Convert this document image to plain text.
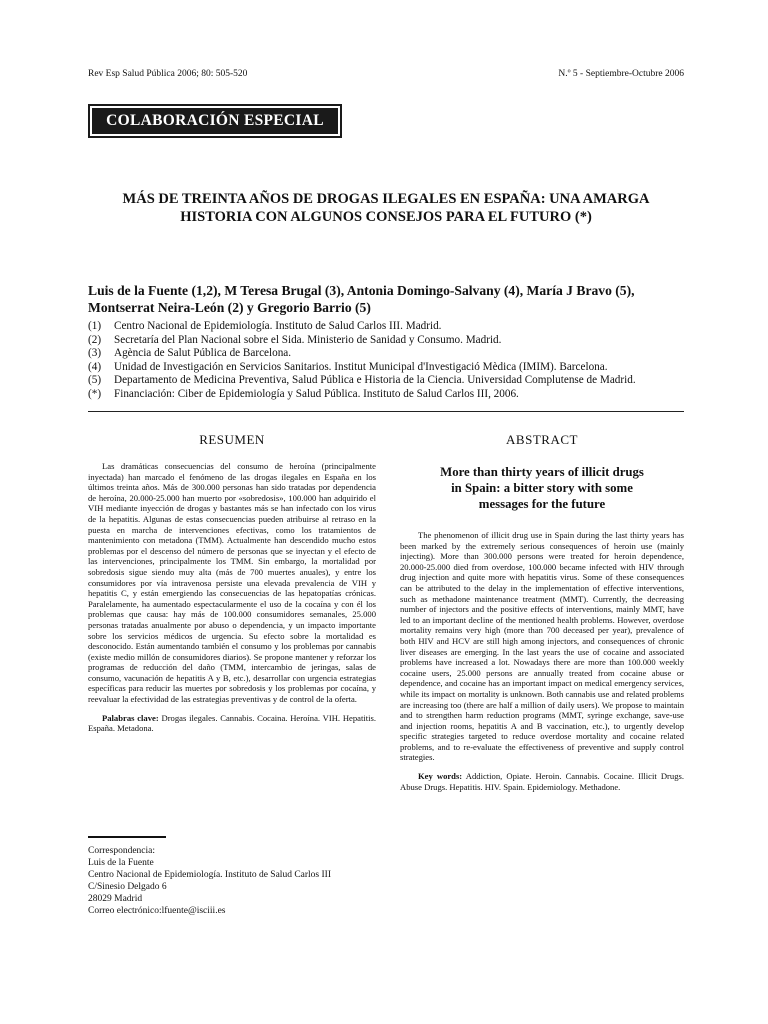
Rev Esp Salud Pública 2006; 80: 505-520	N.º 5 - Septiembre-Octubre 2006
COLABORACIÓN ESPECIAL
MÁS DE TREINTA AÑOS DE DROGAS ILEGALES EN ESPAÑA: UNA AMARGA
HISTORIA CON ALGUNOS CONSEJOS PARA EL FUTURO (*)
Luis de la Fuente (1,2), M Teresa Brugal (3), Antonia Domingo-Salvany (4), María J Bravo (5),
Montserrat Neira-León (2) y Gregorio Barrio (5)
(1)	Centro Nacional de Epidemiología. Instituto de Salud Carlos III. Madrid.
(2)	Secretaría del Plan Nacional sobre el Sida. Ministerio de Sanidad y Consumo. Madrid.
(3)	Agència de Salut Pública de Barcelona.
(4)	Unidad de Investigación en Servicios Sanitarios. Institut Municipal d'Investigació Mèdica (IMIM). Barcelona.
(5)	Departamento de Medicina Preventiva, Salud Pública e Historia de la Ciencia. Universidad Complutense de Madrid.
(*)	Financiación: Ciber de Epidemiología y Salud Pública. Instituto de Salud Carlos III, 2006.
RESUMEN	ABSTRACT

Las dramáticas consecuencias del consumo de heroína (principalmente inyectada) han marcado el fenómeno de las drogas ilegales en España en los últimos treinta años. Más de 300.000 personas han sido tratadas por dependencia de heroína, 20.000-25.000 han muerto por «sobredosis», 100.000 han adquirido el VIH mediante inyección de drogas y bastantes más se han infectado con los virus de la hepatitis. Algunas de estas consecuencias pueden atribuirse al retraso en la puesta en marcha de intervenciones efectivas, como los tratamientos de mantenimiento con metadona (TMM). Actualmente han descendido mucho estos problemas por el descenso del número de personas que se inyectan y el efecto de las intervenciones, principalmente los TMM. Sin embargo, la mortalidad por sobredosis sigue siendo muy alta (más de 700 muertes anuales), y entre los consumidores por vía intravenosa persiste una elevada prevalencia de VIH y hepatitis C, y están emergiendo las consecuencias de las hepatopatías crónicas. Paralelamente, ha aumentado espectacularmente el uso de la cocaína y con él los problemas que causa: hay más de 100.000 consumidores semanales, 25.000 personas tratadas anualmente por abuso o dependencia, y un impacto importante sobre los servicios médicos de urgencia. Su efecto sobre la mortalidad es desconocido. Están aumentando también el consumo y los problemas por cannabis (existe medio millón de consumidores diarios). Se propone mantener y reforzar los programas de reducción del daño (TMM, intercambio de jeringas, salas de consumo, vacunación de hepatitis A y B, etc.), desarrollar con urgencia estrategias específicas para reducir las muertes por sobredosis y los problemas por cocaína, y reevaluar la efectividad de las estrategias preventivas y de control de la oferta.

Palabras clave: Drogas ilegales. Cannabis. Cocaina. Heroína. VIH. Hepatitis. España. Metadona.

More than thirty years of illicit drugs
in Spain: a bitter story with some
messages for the future

The phenomenon of illicit drug use in Spain during the last thirty years has been marked by the extremely serious consequences of heroin use (mainly injecting). More than 300.000 persons were treated for heroin dependence, 20.000-25.000 died from overdose, 100.000 became infected with HIV through drug injection and quite more with hepatitis virus. Some of these consequences can be attributed to the delay in the implementation of effective interventions, such as methadone maintenance treatment (MMT). Currently, the decreasing number of injectors and the positive effects of interventions, mainly MMT, have led to an important decline of the mentioned health problems. However, overdose mortality remains very high (more than 700 deceased per year), prevalence of both HIV and HCV are still high among injectors, and consequences of chronic liver diseases are emerging. In the last years the use of cocaine and associated problems have increased a lot. Nowadays there are more than 100.000 weekly cocaine users, 25.000 persons are annually treated from cocaine abuse or dependence, and cocaine has an important impact on medical emergency services, while its impact on mortality is unknown. Both cannabis use and related problems are increasing too (there are half a million of daily users). We propose to maintain and to strengthen harm reduction programs (MMT, syringe exchange, save-use and injection rooms, hepatitis A and B vaccination, etc.), to urgently develop specific strategies targeted to reduce overdose mortality and cocaine related problems, and to re-evaluate the effectiveness of preventive and supply control strategies.

Key words: Addiction, Opiate. Heroin. Cannabis. Cocaine. Illicit Drugs. Abuse Drugs. Hepatitis. HIV. Spain. Epidemiology. Methadone.

Correspondencia:
Luis de la Fuente
Centro Nacional de Epidemiología. Instituto de Salud Carlos III
C/Sinesio Delgado 6
28029 Madrid
Correo electrónico:lfuente@isciii.es
